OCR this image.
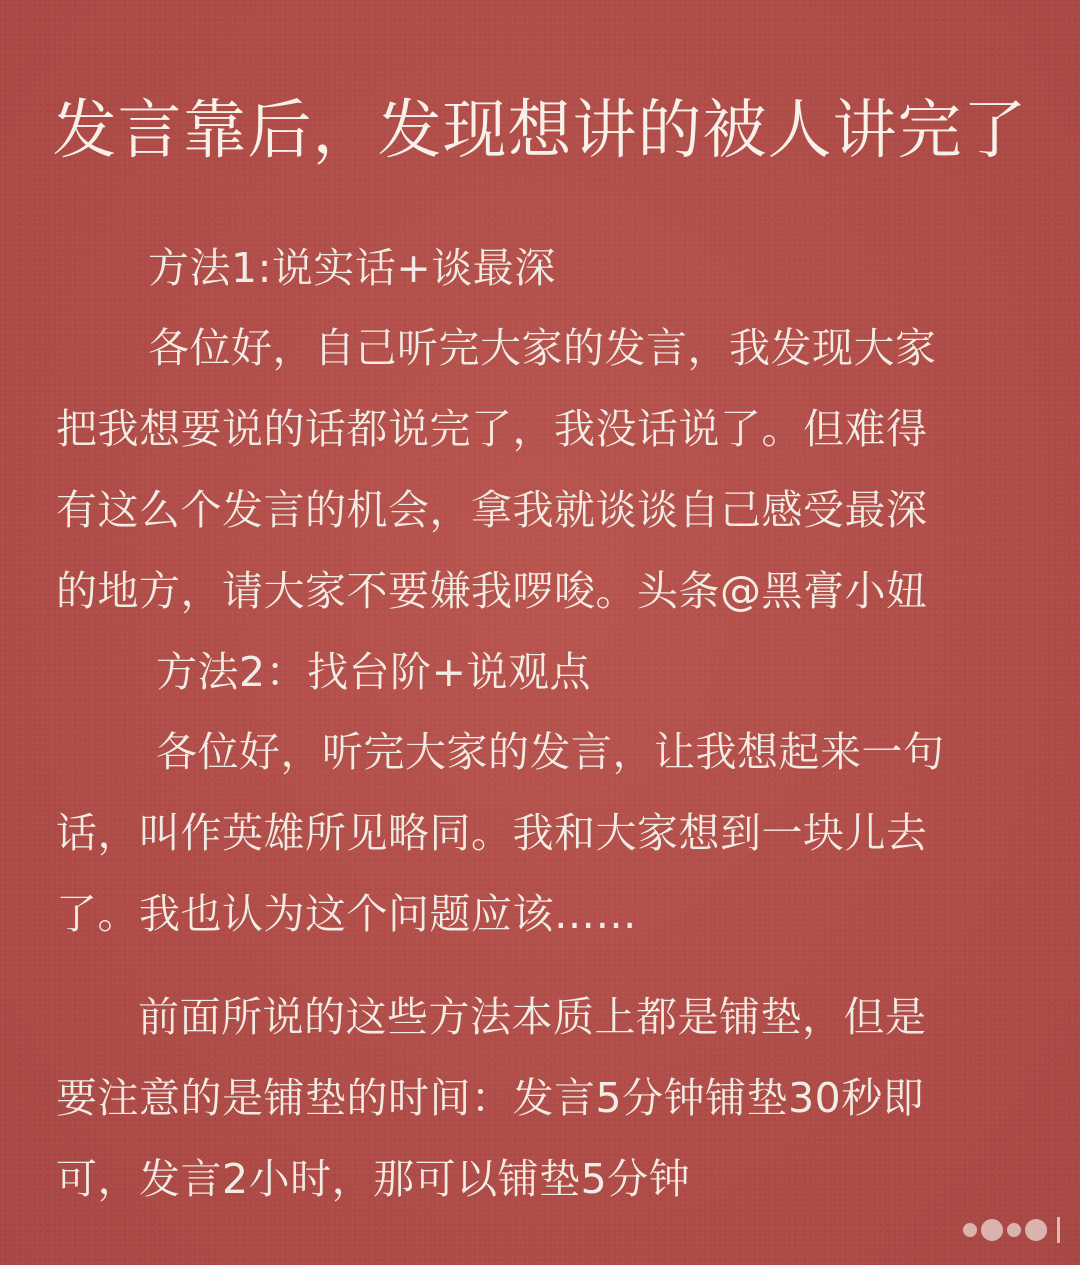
发言靠后，发现想讲的被人讲完了
方法1:说实话+谈最深
各位好，自己听完大家的发言，我发现大家
把我想要说的话都说完了，我没话说了。但难得
有这么个发言的机会，拿我就谈谈自己感受最深
的地方，请大家不要嫌我啰唆。头条@黑膏小妞
方法2：找台阶+说观点
各位好，听完大家的发言，让我想起来一句
话，叫作英雄所见略同。我和大家想到一块儿去
了。我也认为这个问题应该……
前面所说的这些方法本质上都是铺垫，但是
要注意的是铺垫的时间：发言5分钟铺垫30秒即
可，发言2小时，那可以铺垫5分钟
